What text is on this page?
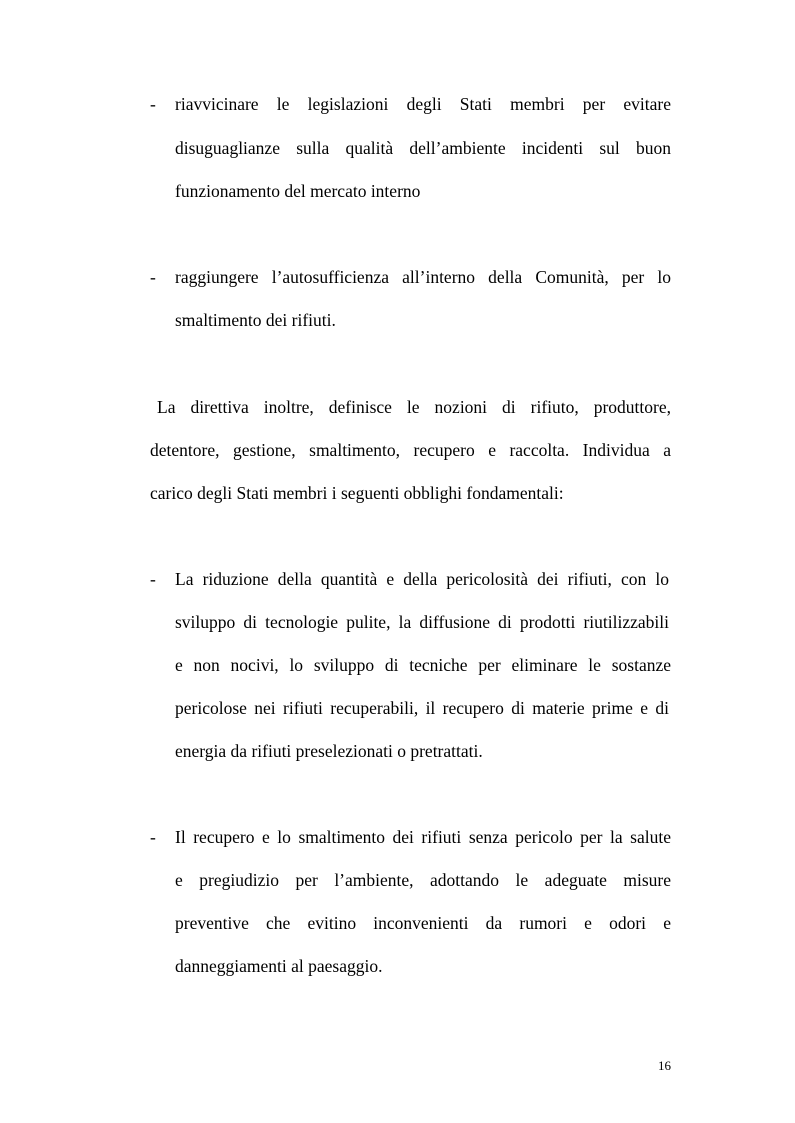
- riavvicinare le legislazioni degli Stati membri per evitare
disuguaglianze sulla qualità dell’ambiente incidenti sul buon
funzionamento del mercato interno
- raggiungere l’autosufficienza all’interno della Comunità, per lo
smaltimento dei rifiuti.
La direttiva inoltre, definisce le nozioni di rifiuto, produttore,
detentore, gestione, smaltimento, recupero e raccolta. Individua a
carico degli Stati membri i seguenti obblighi fondamentali:
- La riduzione della quantità e della pericolosità dei rifiuti, con lo
sviluppo di tecnologie pulite, la diffusione di prodotti riutilizzabili
e non nocivi, lo sviluppo di tecniche per eliminare le sostanze
pericolose nei rifiuti recuperabili, il recupero di materie prime e di
energia da rifiuti preselezionati o pretrattati.
- Il recupero e lo smaltimento dei rifiuti senza pericolo per la salute
e pregiudizio per l’ambiente, adottando le adeguate misure
preventive che evitino inconvenienti da rumori e odori e
danneggiamenti al paesaggio.
16
